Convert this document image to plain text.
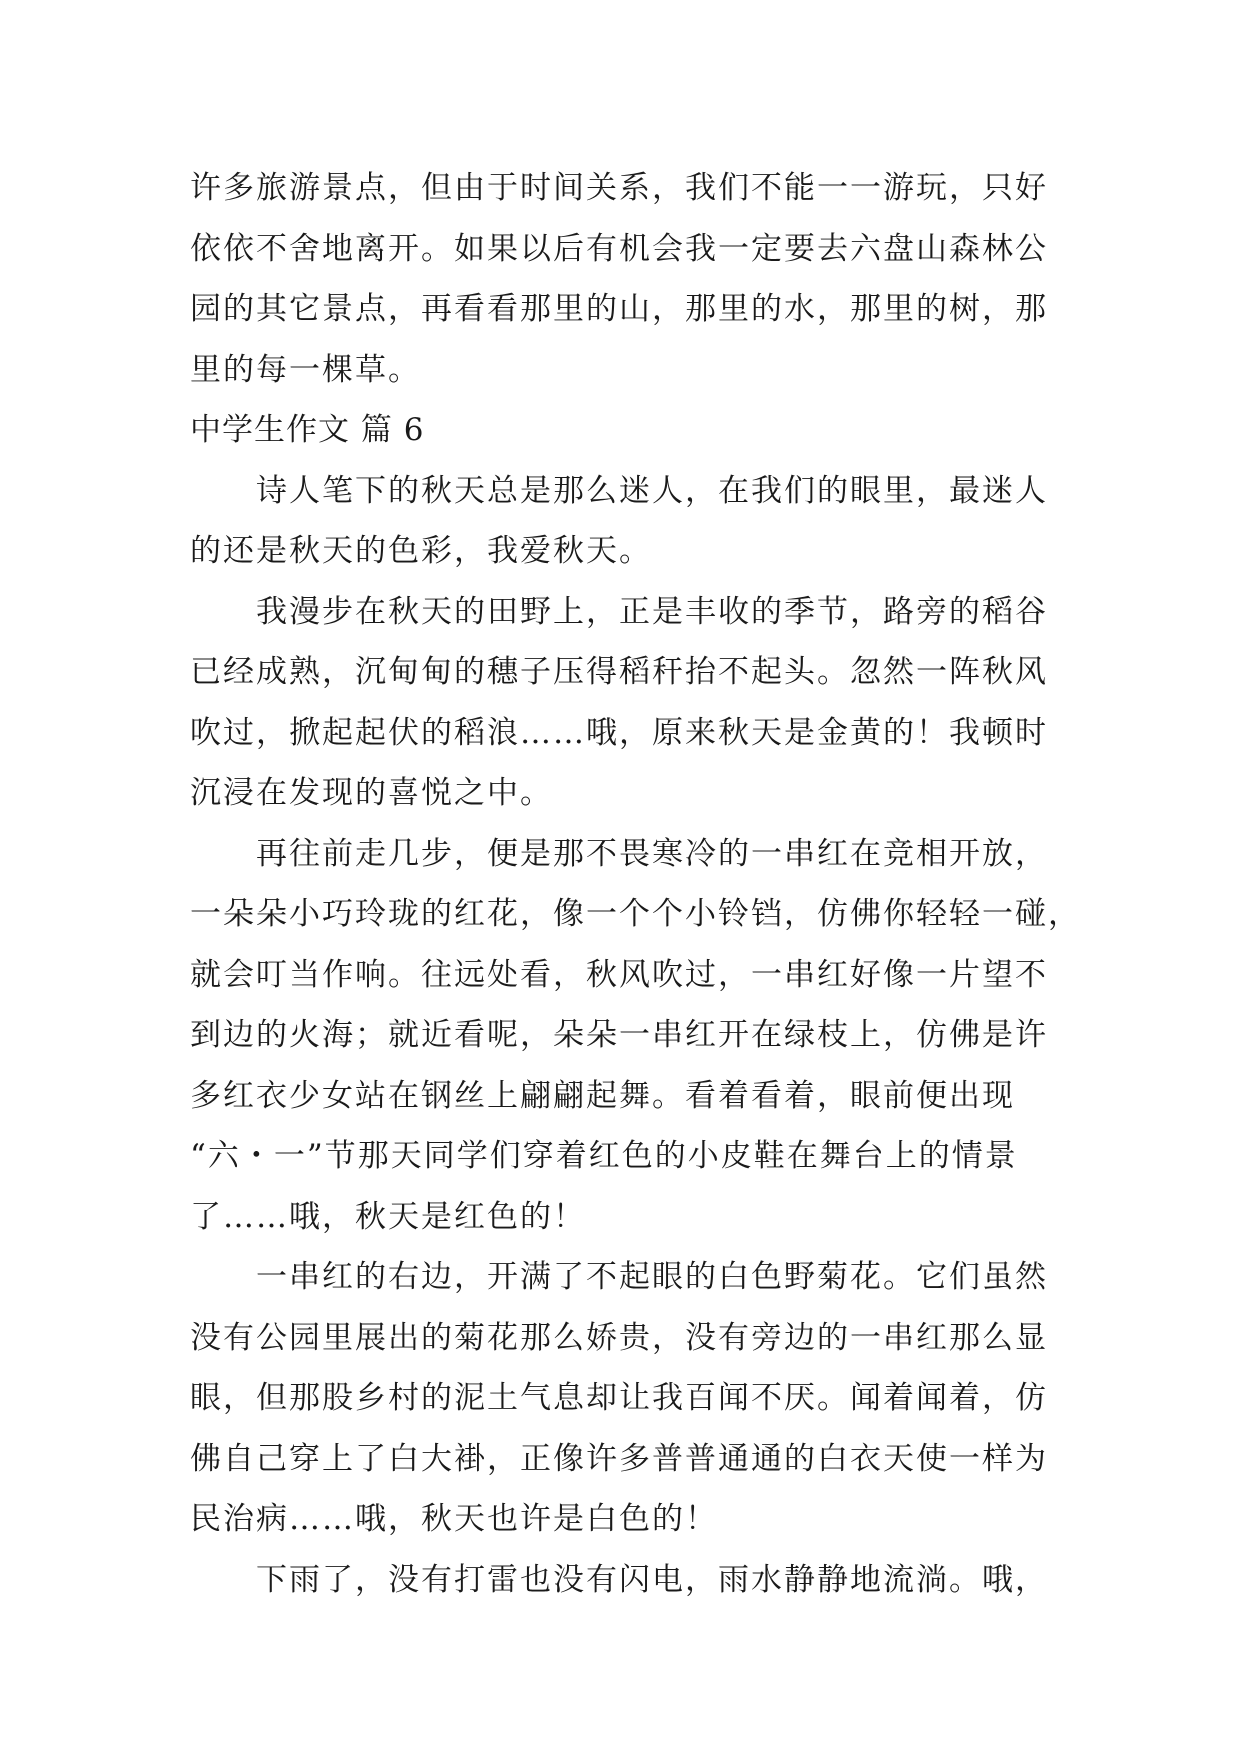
许多旅游景点，但由于时间关系，我们不能一一游玩，只好
依依不舍地离开。如果以后有机会我一定要去六盘山森林公
园的其它景点，再看看那里的山，那里的水，那里的树，那
里的每一棵草。
中学生作文 篇 6
诗人笔下的秋天总是那么迷人，在我们的眼里，最迷人
的还是秋天的色彩，我爱秋天。
我漫步在秋天的田野上，正是丰收的季节，路旁的稻谷
已经成熟，沉甸甸的穗子压得稻秆抬不起头。忽然一阵秋风
吹过，掀起起伏的稻浪……哦，原来秋天是金黄的！我顿时
沉浸在发现的喜悦之中。
再往前走几步，便是那不畏寒冷的一串红在竞相开放，
一朵朵小巧玲珑的红花，像一个个小铃铛，仿佛你轻轻一碰，
就会叮当作响。往远处看，秋风吹过，一串红好像一片望不
到边的火海；就近看呢，朵朵一串红开在绿枝上，仿佛是许
多红衣少女站在钢丝上翩翩起舞。看着看着，眼前便出现
“六・一”节那天同学们穿着红色的小皮鞋在舞台上的情景
了……哦，秋天是红色的！
一串红的右边，开满了不起眼的白色野菊花。它们虽然
没有公园里展出的菊花那么娇贵，没有旁边的一串红那么显
眼，但那股乡村的泥土气息却让我百闻不厌。闻着闻着，仿
佛自己穿上了白大褂，正像许多普普通通的白衣天使一样为
民治病……哦，秋天也许是白色的！
下雨了，没有打雷也没有闪电，雨水静静地流淌。哦，
